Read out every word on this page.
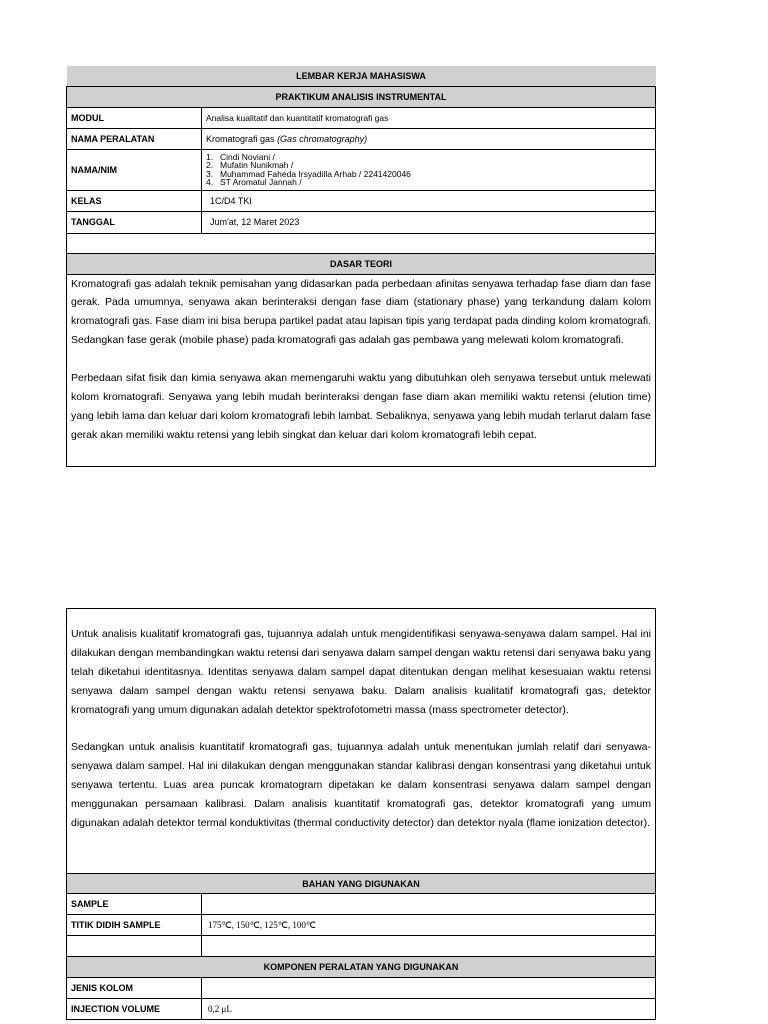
LEMBAR KERJA MAHASISWA	
PRAKTIKUM ANALISIS INSTRUMENTAL	
MODUL	Analisa kualitatif dan kuantitatif kromatografi gas
NAMA PERALATAN	Kromatografi gas (Gas chromatography)
NAMA/NIM	1. Cindi Noviani /
2. Mufatin Nunikmah /
3. Muhammad Faheda Irsyadilla Arhab / 2241420046
4. ST Aromatul Jannah /

KELAS	1C/D4 TKI
TANGGAL	Jum'at, 12 Maret 2023

DASAR TEORI	

Kromatografi gas adalah teknik pemisahan yang didasarkan pada perbedaan afinitas senyawa terhadap fase diam dan fase gerak. Pada umumnya, senyawa akan berinteraksi dengan fase diam (stationary phase) yang terkandung dalam kolom kromatografi gas. Fase diam ini bisa berupa partikel padat atau lapisan tipis yang terdapat pada dinding kolom kromatografi. Sedangkan fase gerak (mobile phase) pada kromatografi gas adalah gas pembawa yang melewati kolom kromatografi.

Perbedaan sifat fisik dan kimia senyawa akan memengaruhi waktu yang dibutuhkan oleh senyawa tersebut untuk melewati kolom kromatografi. Senyawa yang lebih mudah berinteraksi dengan fase diam akan memiliki waktu retensi (elution time) yang lebih lama dan keluar dari kolom kromatografi lebih lambat. Sebaliknya, senyawa yang lebih mudah terlarut dalam fase gerak akan memiliki waktu retensi yang lebih singkat dan keluar dari kolom kromatografi lebih cepat.	

Untuk analisis kualitatif kromatografi gas, tujuannya adalah untuk mengidentifikasi senyawa-senyawa dalam sampel. Hal ini dilakukan dengan membandingkan waktu retensi dari senyawa dalam sampel dengan waktu retensi dari senyawa baku yang telah diketahui identitasnya. Identitas senyawa dalam sampel dapat ditentukan dengan melihat kesesuaian waktu retensi senyawa dalam sampel dengan waktu retensi senyawa baku. Dalam analisis kualitatif kromatografi gas, detektor kromatografi yang umum digunakan adalah detektor spektrofotometri massa (mass spectrometer detector).

Sedangkan untuk analisis kuantitatif kromatografi gas, tujuannya adalah untuk menentukan jumlah relatif dari senyawa-senyawa dalam sampel. Hal ini dilakukan dengan menggunakan standar kalibrasi dengan konsentrasi yang diketahui untuk senyawa tertentu. Luas area puncak kromatogram dipetakan ke dalam konsentrasi senyawa dalam sampel dengan menggunakan persamaan kalibrasi. Dalam analisis kuantitatif kromatografi gas, detektor kromatografi yang umum digunakan adalah detektor termal konduktivitas (thermal conductivity detector) dan detektor nyala (flame ionization detector).	

BAHAN YANG DIGUNAKAN	
SAMPLE	
TITIK DIDIH SAMPLE	175℃, 150℃, 125℃, 100℃

KOMPONEN PERALATAN YANG DIGUNAKAN	
JENIS KOLOM	
INJECTION VOLUME	0,2 μL
